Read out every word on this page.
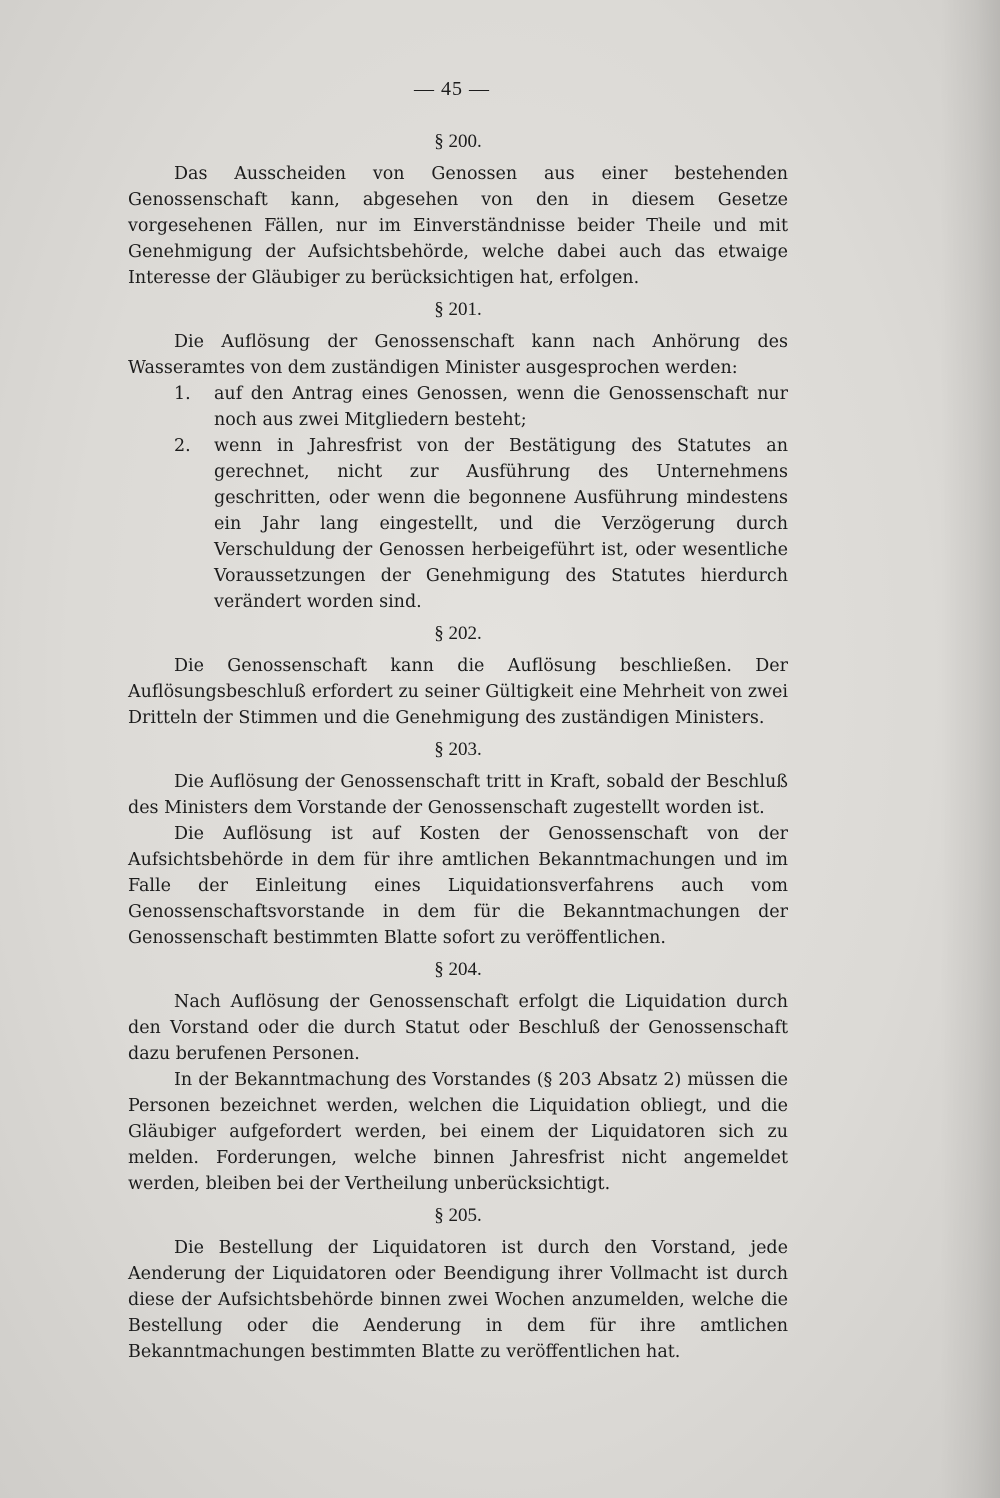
— 45 —
§ 200.

Das Ausscheiden von Genossen aus einer bestehenden Genossenschaft kann, abgesehen von den in diesem Gesetze vorgesehenen Fällen, nur im Einverständnisse beider Theile und mit Genehmigung der Aufsichtsbehörde, welche dabei auch das etwaige Interesse der Gläubiger zu berücksichtigen hat, erfolgen.

§ 201.

Die Auflösung der Genossenschaft kann nach Anhörung des Wasseramtes von dem zuständigen Minister ausgesprochen werden:

1. auf den Antrag eines Genossen, wenn die Genossenschaft nur noch aus zwei Mitgliedern besteht;
2. wenn in Jahresfrist von der Bestätigung des Statutes an gerechnet, nicht zur Ausführung des Unternehmens geschritten, oder wenn die begonnene Ausführung mindestens ein Jahr lang eingestellt, und die Verzögerung durch Verschuldung der Genossen herbeigeführt ist, oder wesentliche Voraussetzungen der Genehmigung des Statutes hierdurch verändert worden sind.
§ 202.

Die Genossenschaft kann die Auflösung beschließen. Der Auflösungsbeschluß erfordert zu seiner Gültigkeit eine Mehrheit von zwei Dritteln der Stimmen und die Genehmigung des zuständigen Ministers.

§ 203.

Die Auflösung der Genossenschaft tritt in Kraft, sobald der Beschluß des Ministers dem Vorstande der Genossenschaft zugestellt worden ist.

Die Auflösung ist auf Kosten der Genossenschaft von der Aufsichtsbehörde in dem für ihre amtlichen Bekanntmachungen und im Falle der Einleitung eines Liquidationsverfahrens auch vom Genossenschaftsvorstande in dem für die Bekanntmachungen der Genossenschaft bestimmten Blatte sofort zu veröffentlichen.

§ 204.

Nach Auflösung der Genossenschaft erfolgt die Liquidation durch den Vorstand oder die durch Statut oder Beschluß der Genossenschaft dazu berufenen Personen.

In der Bekanntmachung des Vorstandes (§ 203 Absatz 2) müssen die Personen bezeichnet werden, welchen die Liquidation obliegt, und die Gläubiger aufgefordert werden, bei einem der Liquidatoren sich zu melden. Forderungen, welche binnen Jahresfrist nicht angemeldet werden, bleiben bei der Vertheilung unberücksichtigt.

§ 205.

Die Bestellung der Liquidatoren ist durch den Vorstand, jede Aenderung der Liquidatoren oder Beendigung ihrer Vollmacht ist durch diese der Aufsichtsbehörde binnen zwei Wochen anzumelden, welche die Bestellung oder die Aenderung in dem für ihre amtlichen Bekanntmachungen bestimmten Blatte zu veröffentlichen hat.
